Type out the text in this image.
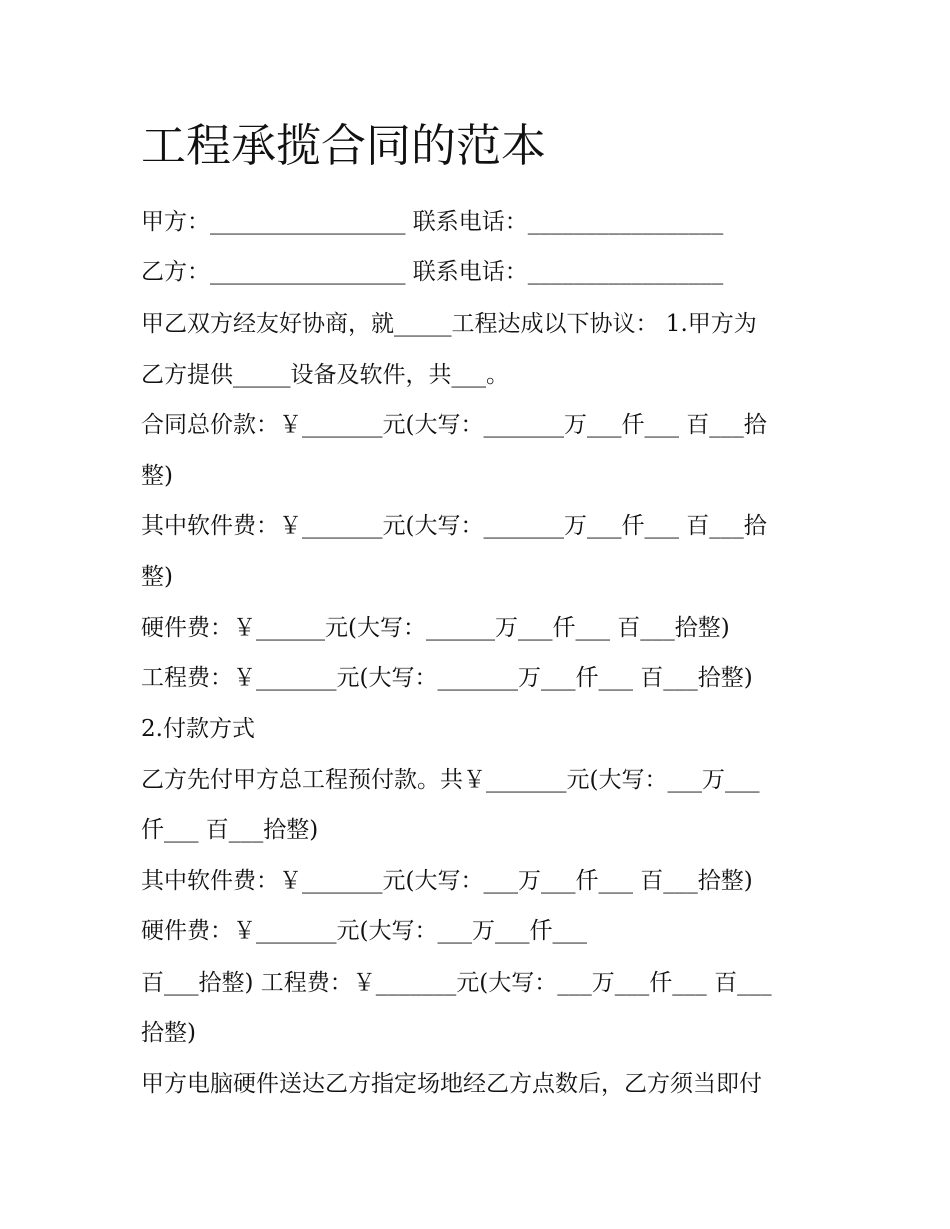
工程承揽合同的范本
甲方：_________________ 联系电话：_________________
乙方：_________________ 联系电话：_________________
甲乙双方经友好协商，就_____工程达成以下协议： 1.甲方为
乙方提供_____设备及软件，共___。
合同总价款：￥_______元(大写：_______万___仟___ 百___拾
整)
其中软件费：￥_______元(大写：_______万___仟___ 百___拾
整)
硬件费：￥______元(大写：______万___仟___ 百___拾整)
工程费：￥_______元(大写：_______万___仟___ 百___拾整)
2.付款方式
乙方先付甲方总工程预付款。共￥_______元(大写：___万___
仟___ 百___拾整)
其中软件费：￥_______元(大写：___万___仟___ 百___拾整)
硬件费：￥_______元(大写：___万___仟___
百___拾整) 工程费：￥_______元(大写：___万___仟___ 百___
拾整)
甲方电脑硬件送达乙方指定场地经乙方点数后，乙方须当即付
